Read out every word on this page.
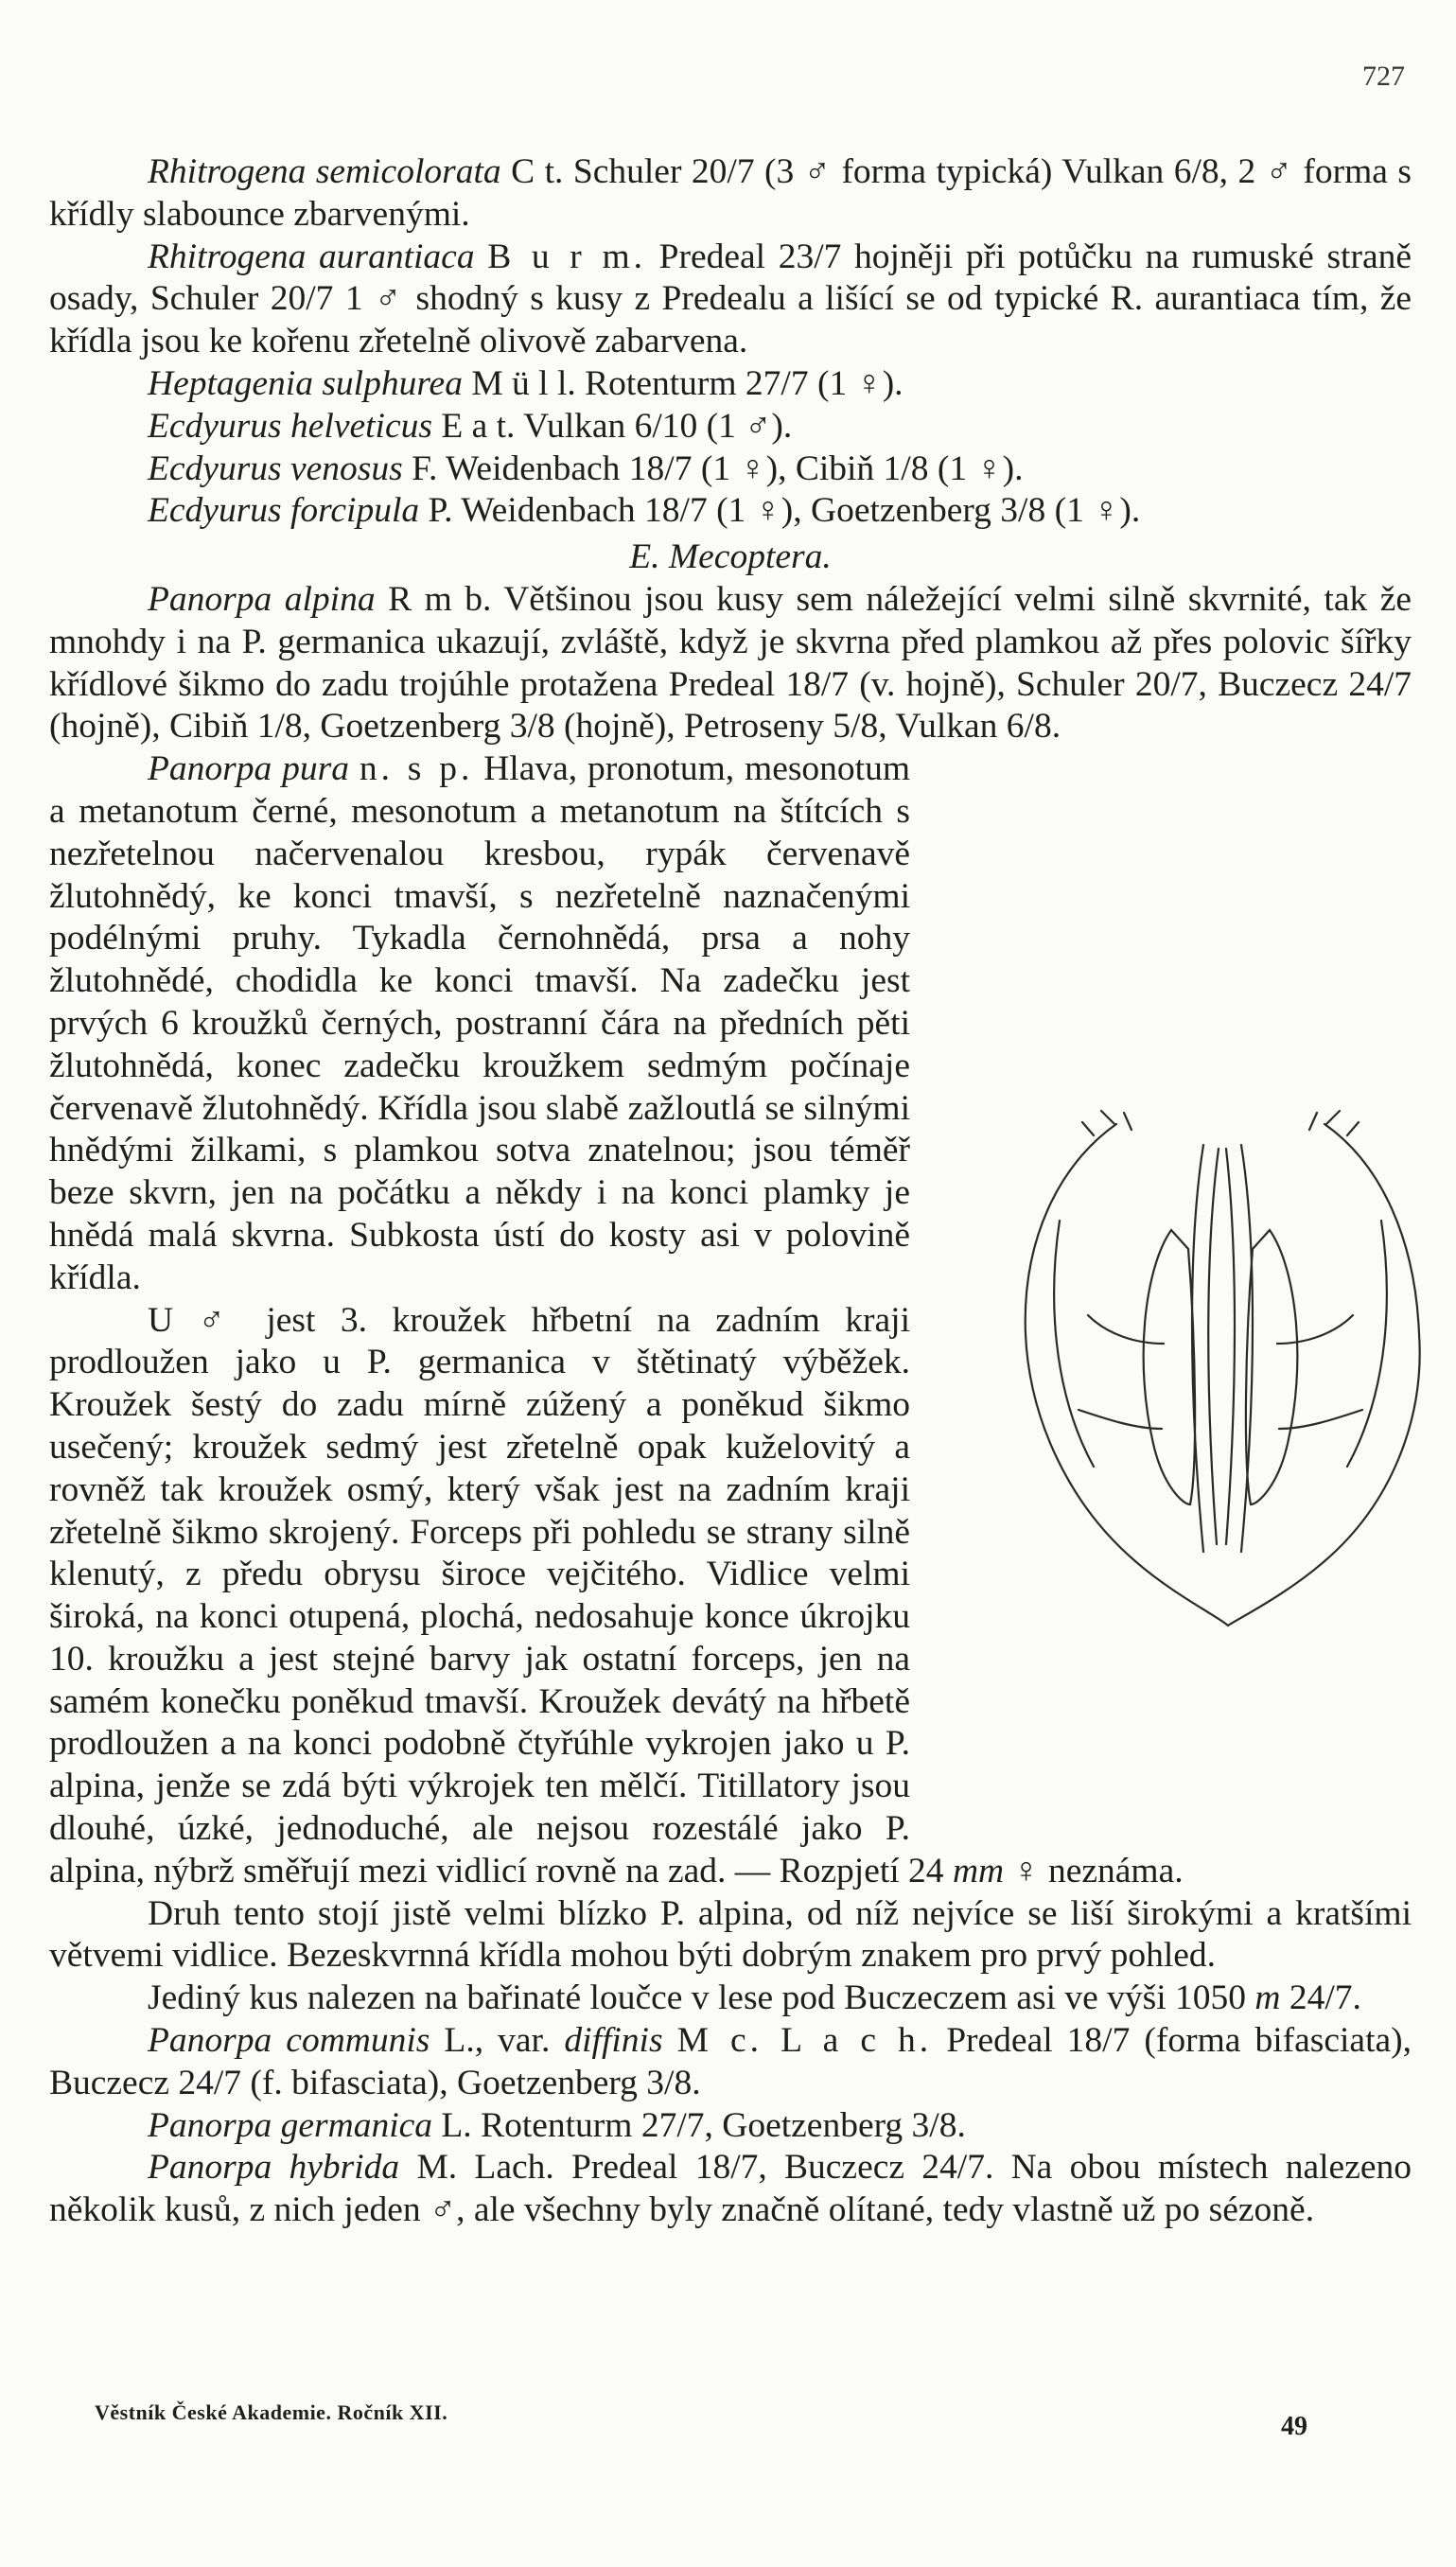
727

Rhitrogena semicolorata C t. Schuler 20/7 (3 ♂ forma typická) Vulkan 6/8, 2 ♂ forma s křídly slabounce zbarvenými.

Rhitrogena aurantiaca B u r m. Predeal 23/7 hojněji při potůčku na rumuské straně osady, Schuler 20/7 1 ♂ shodný s kusy z Predealu a lišící se od typické R. aurantiaca tím, že křídla jsou ke kořenu zřetelně olivově zabarvena.

Heptagenia sulphurea M ü l l. Rotenturm 27/7 (1 ♀).

Ecdyurus helveticus E a t. Vulkan 6/10 (1 ♂).

Ecdyurus venosus F. Weidenbach 18/7 (1 ♀), Cibiň 1/8 (1 ♀).

Ecdyurus forcipula P. Weidenbach 18/7 (1 ♀), Goetzenberg 3/8 (1 ♀).

E. Mecoptera.

Panorpa alpina R m b. Většinou jsou kusy sem náležející velmi silně skvrnité, tak že mnohdy i na P. germanica ukazují, zvláště, když je skvrna před plamkou až přes polovic šířky křídlové šikmo do zadu trojúhle protažena Predeal 18/7 (v. hojně), Schuler 20/7, Buczecz 24/7 (hojně), Cibiň 1/8, Goetzenberg 3/8 (hojně), Petroseny 5/8, Vulkan 6/8.

Panorpa pura n. s p. Hlava, pronotum, mesonotum a metanotum černé, mesonotum a metanotum na štítcích s nezřetelnou načervenalou kresbou, rypák červenavě žlutohnědý, ke konci tmavší, s nezřetelně naznačenými podélnými pruhy. Tykadla černohnědá, prsa a nohy žlutohnědé, chodidla ke konci tmavší. Na zadečku jest prvých 6 kroužků černých, postranní čára na předních pěti žlutohnědá, konec zadečku kroužkem sedmým počínaje červenavě žlutohnědý. Křídla jsou slabě zažloutlá se silnými hnědými žilkami, s plamkou sotva znatelnou; jsou téměř beze skvrn, jen na počátku a někdy i na konci plamky je hnědá malá skvrna. Subkosta ústí do kosty asi v polovině křídla.

U ♂ jest 3. kroužek hřbetní na zadním kraji prodloužen jako u P. germanica v štětinatý výběžek. Kroužek šestý do zadu mírně zúžený a poněkud šikmo usečený; kroužek sedmý jest zřetelně opak kuželovitý a rovněž tak kroužek osmý, který však jest na zadním kraji zřetelně šikmo skrojený. Forceps při pohledu se strany silně klenutý, z předu obrysu široce vejčitého. Vidlice velmi široká, na konci otupená, plochá, nedosahuje konce úkrojku 10. kroužku a jest stejné barvy jak ostatní forceps, jen na samém konečku poněkud tmavší. Kroužek devátý na hřbetě prodloužen a na konci podobně čtyřúhle vykrojen jako u P. alpina, jenže se zdá býti výkrojek ten mělčí. Titillatory jsou dlouhé, úzké, jednoduché, ale nejsou rozestálé jako P. alpina, nýbrž směřují mezi vidlicí rovně na zad. — Rozpjetí 24 mm ♀ neznáma.

Druh tento stojí jistě velmi blízko P. alpina, od níž nejvíce se liší širokými a kratšími větvemi vidlice. Bezeskvrnná křídla mohou býti dobrým znakem pro prvý pohled.

Jediný kus nalezen na bařinaté loučce v lese pod Buczeczem asi ve výši 1050 m 24/7.

Panorpa communis L., var. diffinis M c. L a c h. Predeal 18/7 (forma bifasciata), Buczecz 24/7 (f. bifasciata), Goetzenberg 3/8.

Panorpa germanica L. Rotenturm 27/7, Goetzenberg 3/8.

Panorpa hybrida M. Lach. Predeal 18/7, Buczecz 24/7. Na obou místech nalezeno několik kusů, z nich jeden ♂, ale všechny byly značně olítané, tedy vlastně už po sézoně.

Věstník České Akademie. Ročník XII.	49
